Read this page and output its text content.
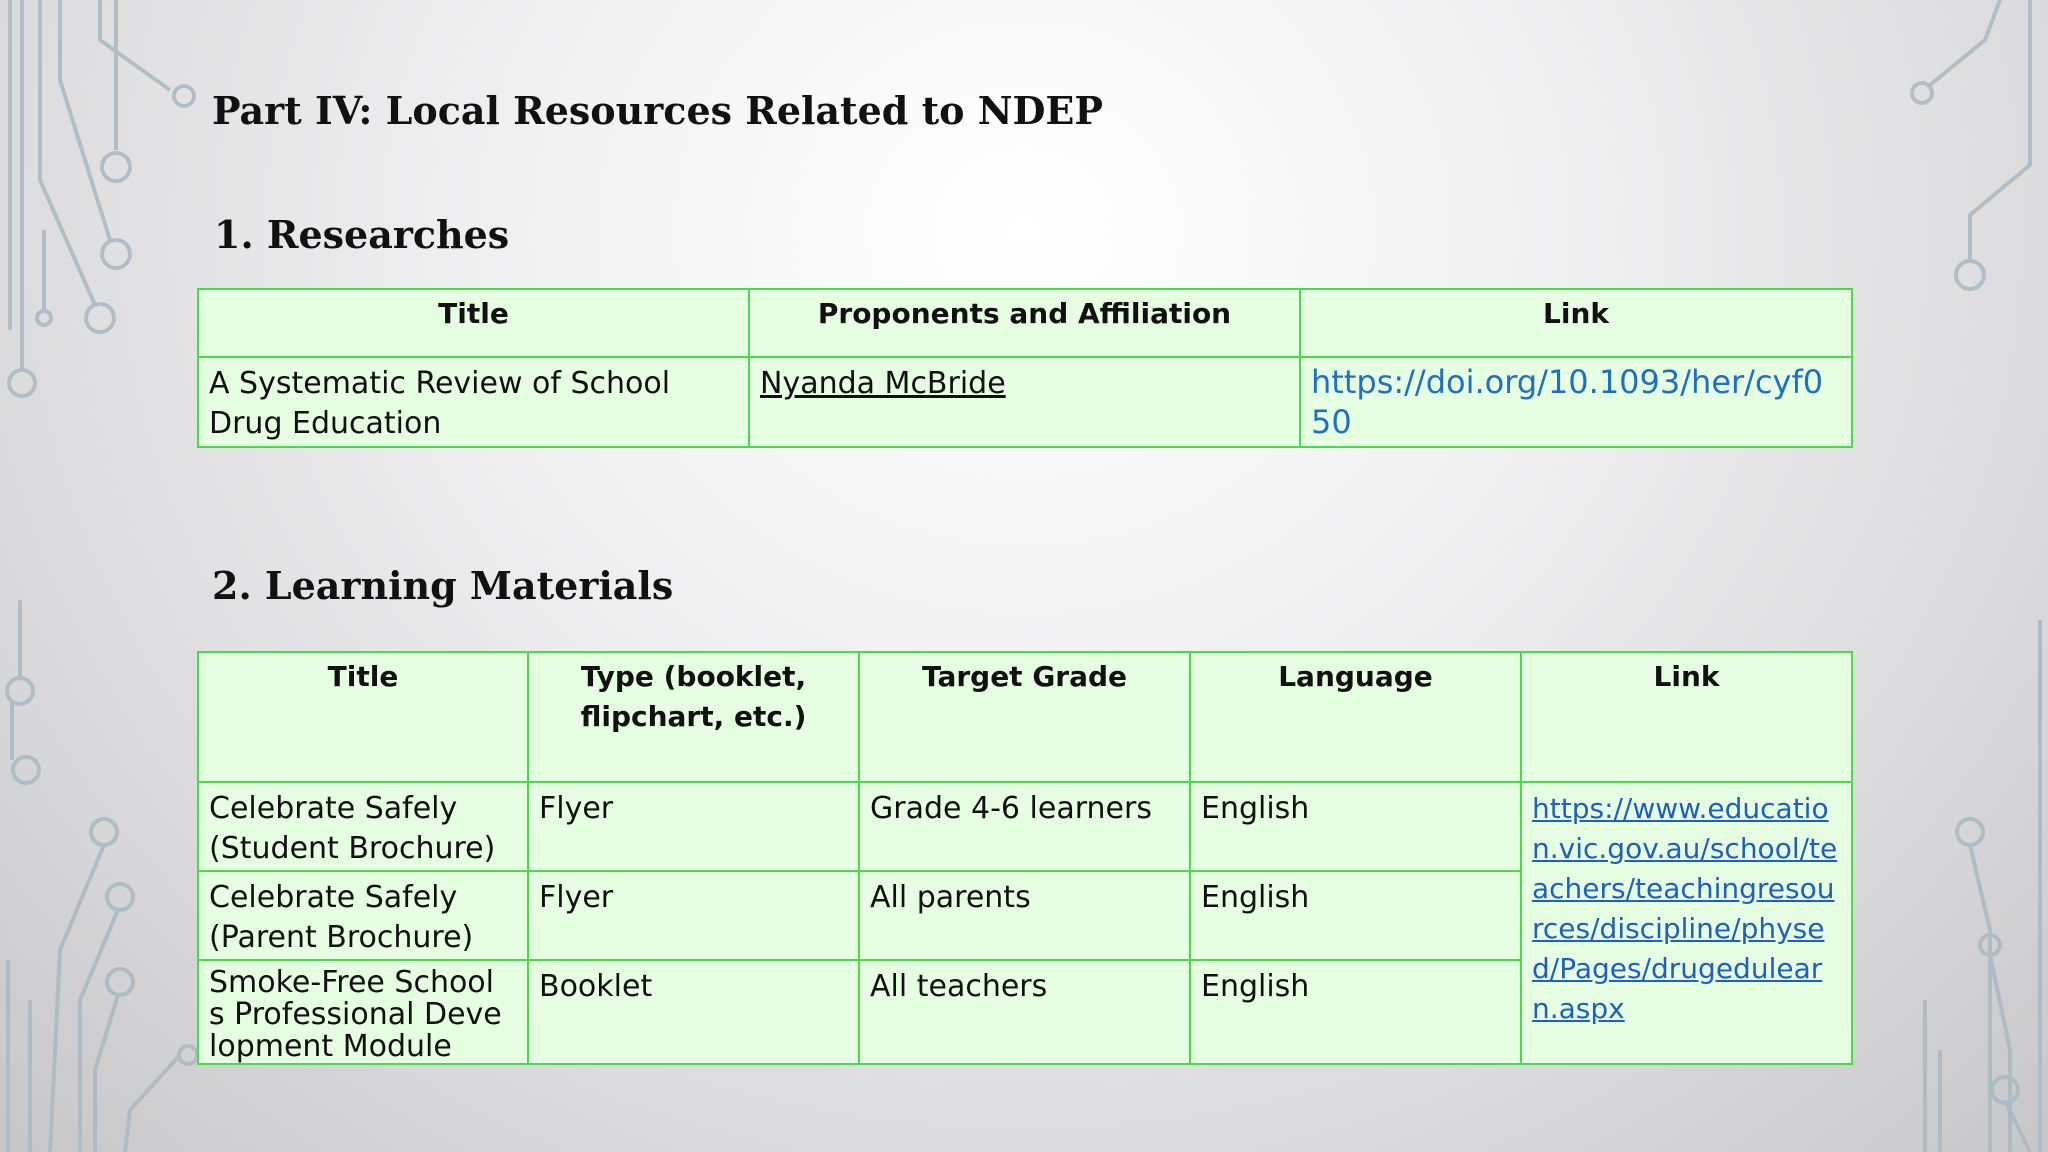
Part IV: Local Resources Related to NDEP
1. Researches
Title	Proponents and Affiliation	Link
A Systematic Review of School Drug Education	Nyanda McBride	https://doi.org/10.1093/her/cyf050
2. Learning Materials
Title	Type (booklet, flipchart, etc.)	Target Grade	Language	Link
Celebrate Safely (Student Brochure)	Flyer	Grade 4-6 learners	English	https://www.education.vic.gov.au/school/teachers/teachingresources/discipline/physed/Pages/drugedulearn.aspx
Celebrate Safely (Parent Brochure)	Flyer	All parents	English	

Smoke-Free Schools Professional Development Module	Booklet	All teachers	English	
